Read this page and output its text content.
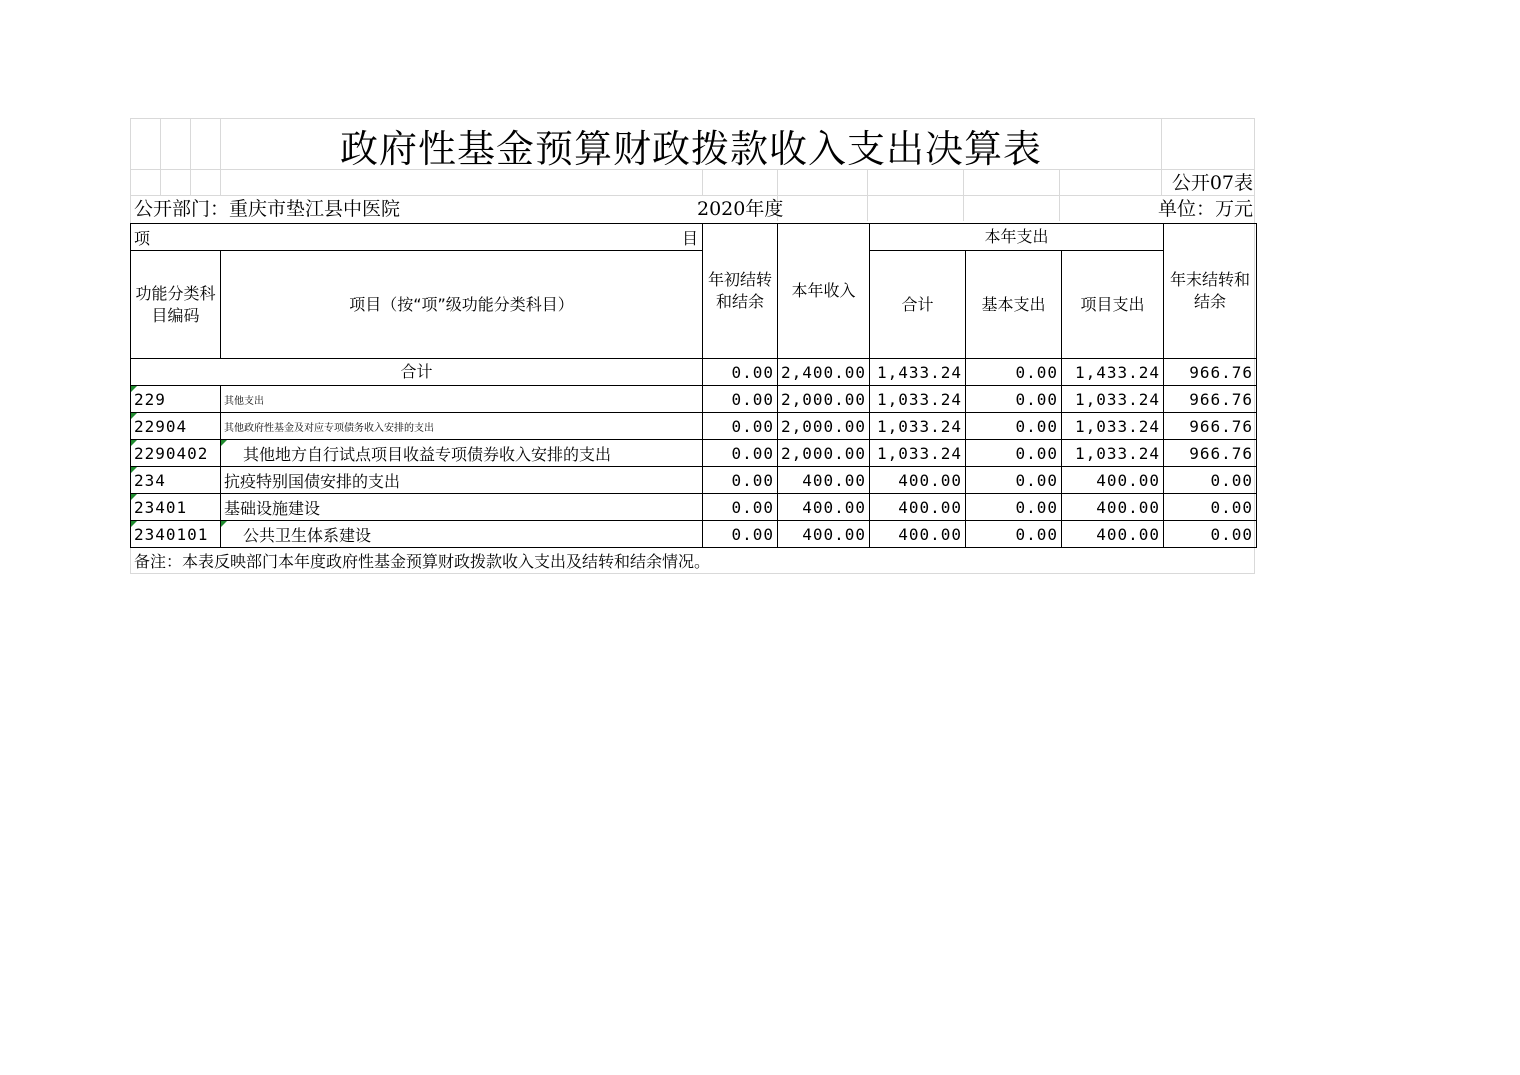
政府性基金预算财政拨款收入支出决算表
公开07表
公开部门：重庆市垫江县中医院	2020年度	单位：万元
项 目		年初结转和结余	本年收入	本年支出			年末结转和结余
功能分类科目编码	项目（按“项”级功能分类科目）			合计	基本支出	项目支出	
合计		0.00	2,400.00	1,433.24	0.00	1,433.24	966.76
229	其他支出	0.00	2,000.00	1,033.24	0.00	1,033.24	966.76
22904	其他政府性基金及对应专项债务收入安排的支出	0.00	2,000.00	1,033.24	0.00	1,033.24	966.76
2290402	其他地方自行试点项目收益专项债券收入安排的支出	0.00	2,000.00	1,033.24	0.00	1,033.24	966.76
234	抗疫特别国债安排的支出	0.00	400.00	400.00	0.00	400.00	0.00
23401	基础设施建设	0.00	400.00	400.00	0.00	400.00	0.00
2340101	公共卫生体系建设	0.00	400.00	400.00	0.00	400.00	0.00
备注：本表反映部门本年度政府性基金预算财政拨款收入支出及结转和结余情况。
